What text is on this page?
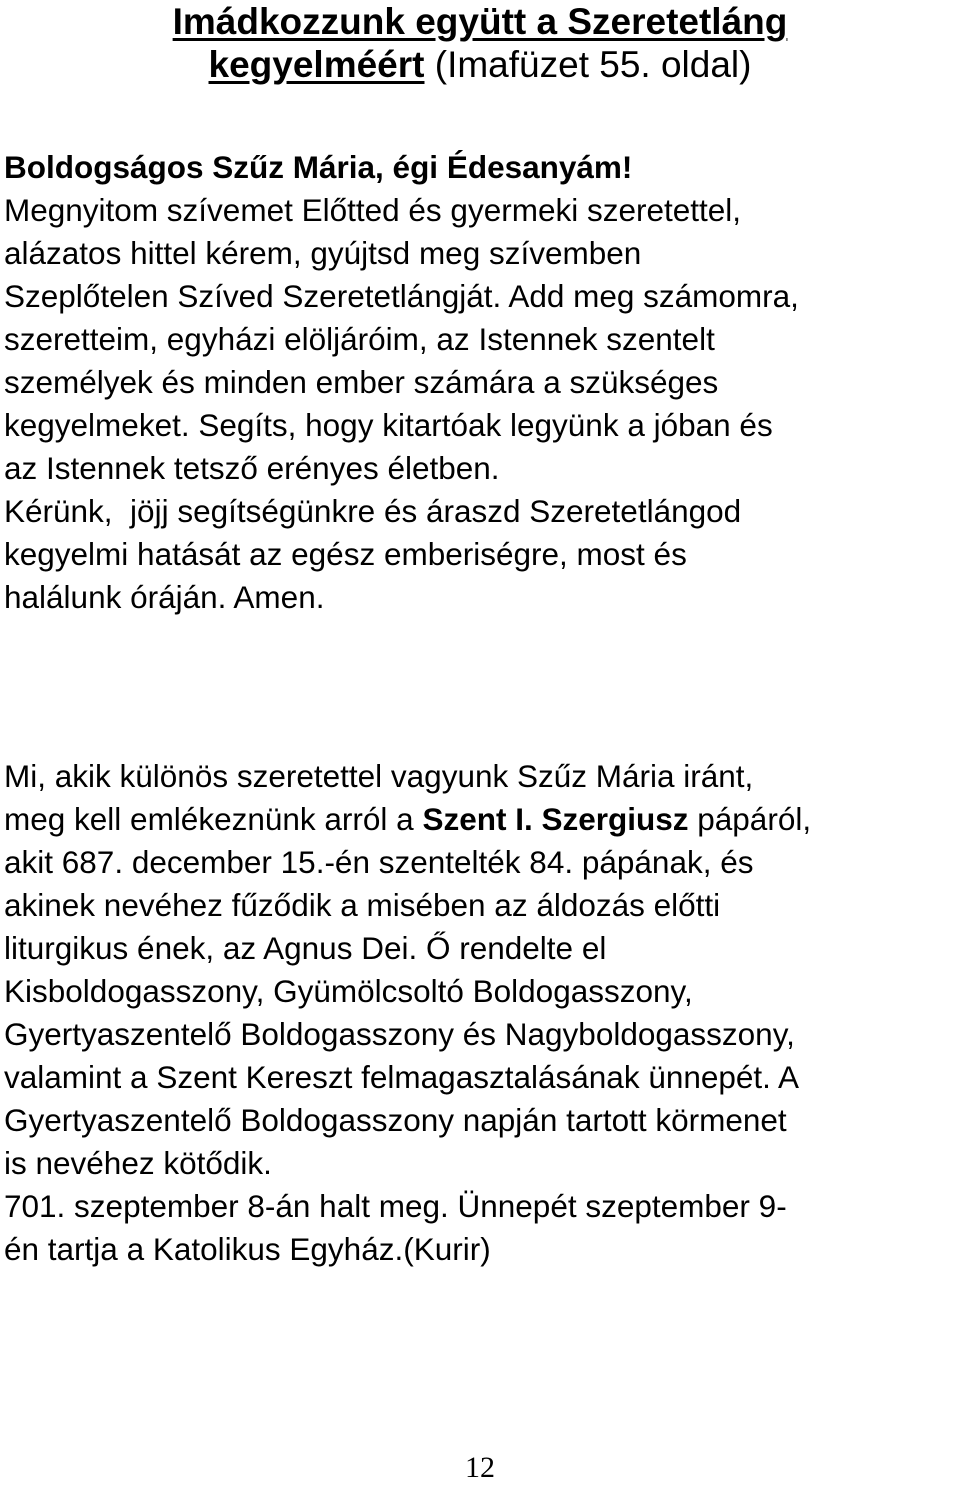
Imádkozzunk együtt a Szeretetláng
kegyelméért (Imafüzet 55. oldal)
Boldogságos Szűz Mária, égi Édesanyám!
Megnyitom szívemet Előtted és gyermeki szeretettel,
alázatos hittel kérem, gyújtsd meg szívemben
Szeplőtelen Szíved Szeretetlángját. Add meg számomra,
szeretteim, egyházi elöljáróim, az Istennek szentelt
személyek és minden ember számára a szükséges
kegyelmeket. Segíts, hogy kitartóak legyünk a jóban és
az Istennek tetsző erényes életben.
Kérünk,  jöjj segítségünkre és áraszd Szeretetlángod
kegyelmi hatását az egész emberiségre, most és
halálunk óráján. Amen.
Mi, akik különös szeretettel vagyunk Szűz Mária iránt,
meg kell emlékeznünk arról a Szent I. Szergiusz pápáról,
akit 687. december 15.-én szentelték 84. pápának, és
akinek nevéhez fűződik a misében az áldozás előtti
liturgikus ének, az Agnus Dei. Ő rendelte el
Kisboldogasszony, Gyümölcsoltó Boldogasszony,
Gyertyaszentelő Boldogasszony és Nagyboldogasszony,
valamint a Szent Kereszt felmagasztalásának ünnepét. A
Gyertyaszentelő Boldogasszony napján tartott körmenet
is nevéhez kötődik.
701. szeptember 8-án halt meg. Ünnepét szeptember 9-
én tartja a Katolikus Egyház.(Kurir)

12
